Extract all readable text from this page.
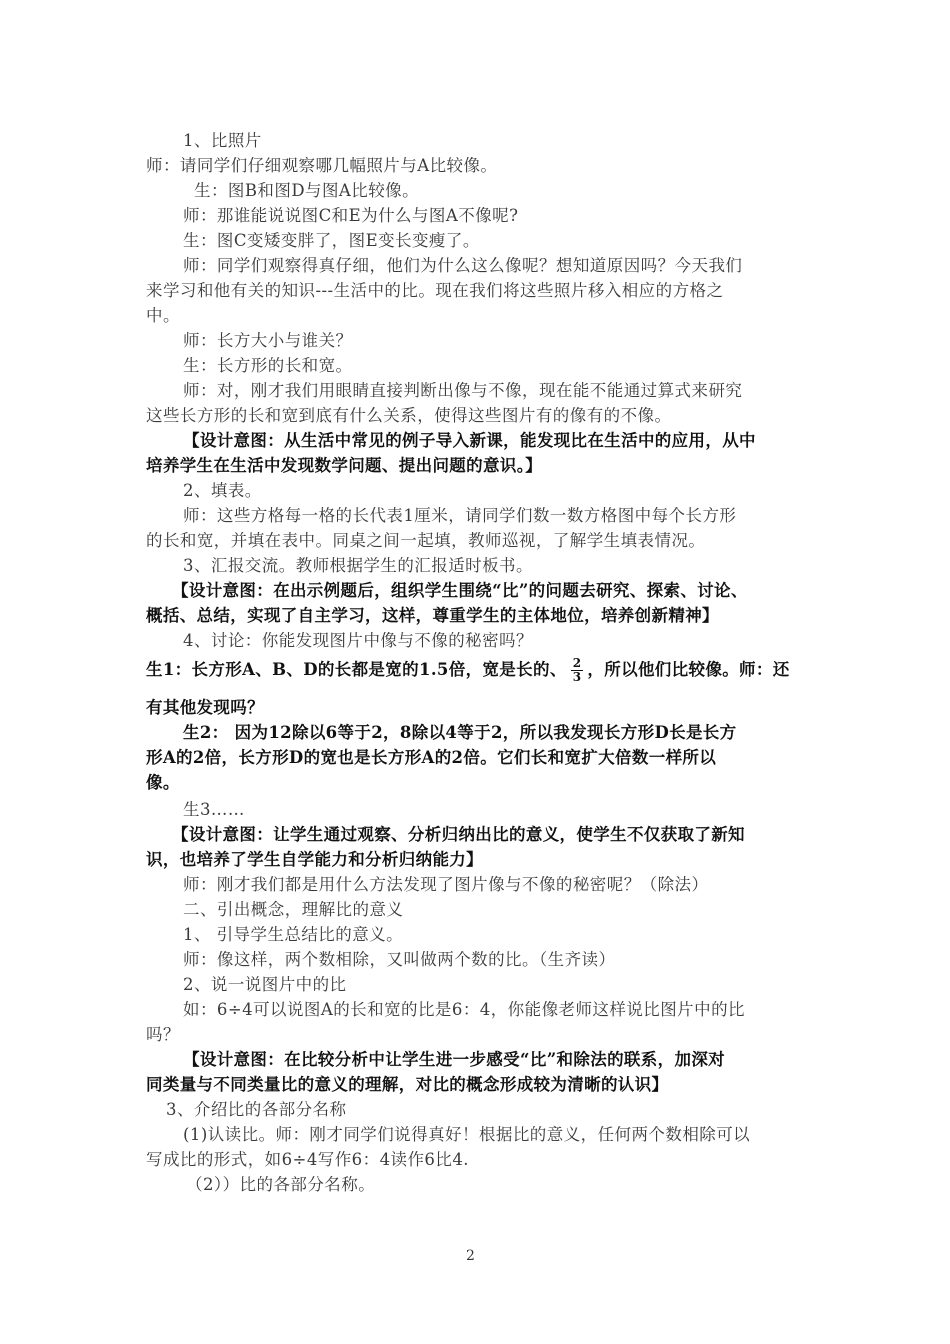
1、比照片
师：请同学们仔细观察哪几幅照片与A比较像。
生：图B和图D与图A比较像。
师：那谁能说说图C和E为什么与图A不像呢?
生：图C变矮变胖了，图E变长变瘦了。
师：同学们观察得真仔细，他们为什么这么像呢？想知道原因吗？今天我们
来学习和他有关的知识---生活中的比。现在我们将这些照片移入相应的方格之
中。
师：长方大小与谁关？
生：长方形的长和宽。
师：对，刚才我们用眼睛直接判断出像与不像，现在能不能通过算式来研究
这些长方形的长和宽到底有什么关系，使得这些图片有的像有的不像。
【设计意图：从生活中常见的例子导入新课，能发现比在生活中的应用，从中
培养学生在生活中发现数学问题、提出问题的意识。】
2、填表。
师：这些方格每一格的长代表1厘米，请同学们数一数方格图中每个长方形
的长和宽，并填在表中。同桌之间一起填，教师巡视，了解学生填表情况。
3、汇报交流。教师根据学生的汇报适时板书。
【设计意图：在出示例题后，组织学生围绕“比”的问题去研究、探索、讨论、
概括、总结，实现了自主学习，这样，尊重学生的主体地位，培养创新精神】
4、讨论：你能发现图片中像与不像的秘密吗？
生1：长方形A、B、D的长都是宽的1.5倍，宽是长的、 $\frac{2}{3}$ ，所以他们比较像。师：还
有其他发现吗？
生2： 因为12除以6等于2，8除以4等于2，所以我发现长方形D长是长方
形A的2倍，长方形D的宽也是长方形A的2倍。它们长和宽扩大倍数一样所以
像。
生3……
【设计意图：让学生通过观察、分析归纳出比的意义，使学生不仅获取了新知
识，也培养了学生自学能力和分析归纳能力】
师：刚才我们都是用什么方法发现了图片像与不像的秘密呢？（除法）
二、引出概念，理解比的意义
1、 引导学生总结比的意义。
师：像这样，两个数相除，又叫做两个数的比。（生齐读）
2、说一说图片中的比
如：6÷4可以说图A的长和宽的比是6：4，你能像老师这样说比图片中的比
吗？
【设计意图：在比较分析中让学生进一步感受“比”和除法的联系，加深对
同类量与不同类量比的意义的理解，对比的概念形成较为清晰的认识】
3、介绍比的各部分名称
(1)认读比。师：刚才同学们说得真好！根据比的意义，任何两个数相除可以
写成比的形式，如6÷4写作6：4读作6比4.
（2））比的各部分名称。
2
